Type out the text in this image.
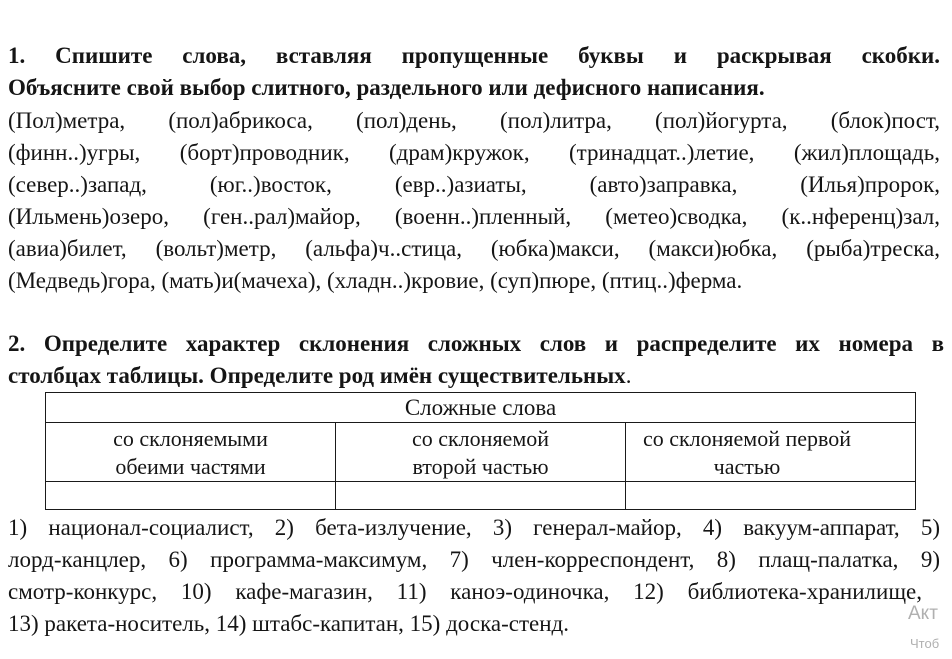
1. Спишите слова, вставляя пропущенные буквы и раскрывая скобки.
Объясните свой выбор слитного, раздельного или дефисного написания.
(Пол)метра, (пол)абрикоса, (пол)день, (пол)литра, (пол)йогурта, (блок)пост,
(финн..)угры, (борт)проводник, (драм)кружок, (тринадцат..)летие, (жил)площадь,
(север..)запад, (юг..)восток, (евр..)азиаты, (авто)заправка, (Илья)пророк,
(Ильмень)озеро, (ген..рал)майор, (военн..)пленный, (метео)сводка, (к..нференц)зал,
(авиа)билет, (вольт)метр, (альфа)ч..стица, (юбка)макси, (макси)юбка, (рыба)треска,
(Медведь)гора, (мать)и(мачеха), (хладн..)кровие, (суп)пюре, (птиц..)ферма.
2. Определите характер склонения сложных слов и распределите их номера в
столбцах таблицы. Определите род имён существительных.
Сложные слова
со склоняемыми
обеими частями
со склоняемой
второй частью
со склоняемой первой
частью
1) национал-социалист, 2) бета-излучение, 3) генерал-майор, 4) вакуум-аппарат, 5)
лорд-канцлер, 6) программа-максимум, 7) член-корреспондент, 8) плащ-палатка, 9)
смотр-конкурс, 10) кафе-магазин, 11) каноэ-одиночка, 12) библиотека-хранилище,
13) ракета-носитель, 14) штабс-капитан, 15) доска-стенд.	Акт
Чтоб
